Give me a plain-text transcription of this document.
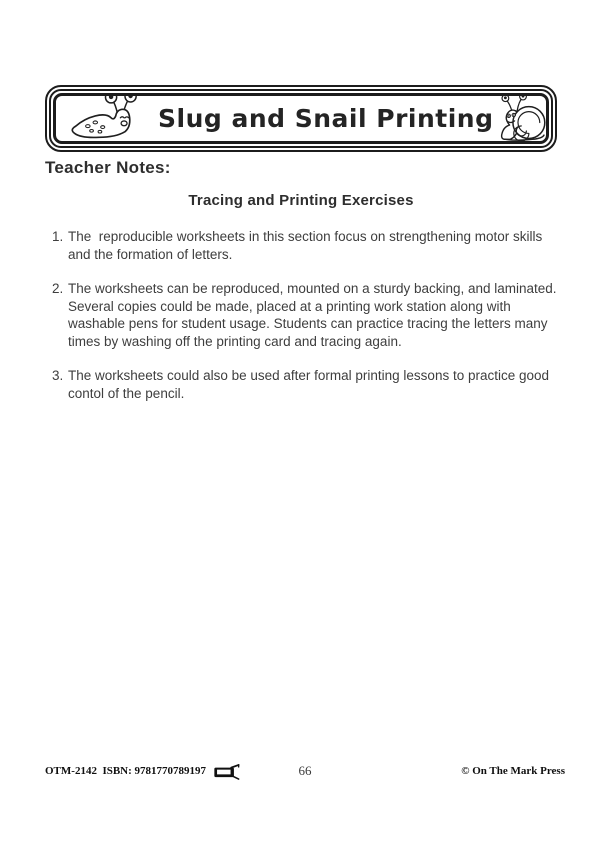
Slug and Snail Printing
Teacher Notes:
Tracing and Printing Exercises
1. The  reproducible worksheets in this section focus on strengthening motor skills and the formation of letters.
2. The worksheets can be reproduced, mounted on a sturdy backing, and laminated. Several copies could be made, placed at a printing work station along with washable pens for student usage. Students can practice tracing the letters many times by washing off the printing card and tracing again.
3. The worksheets could also be used after formal printing lessons to practice good contol of the pencil.
66
OTM-2142  ISBN: 9781770789197	© On The Mark Press
